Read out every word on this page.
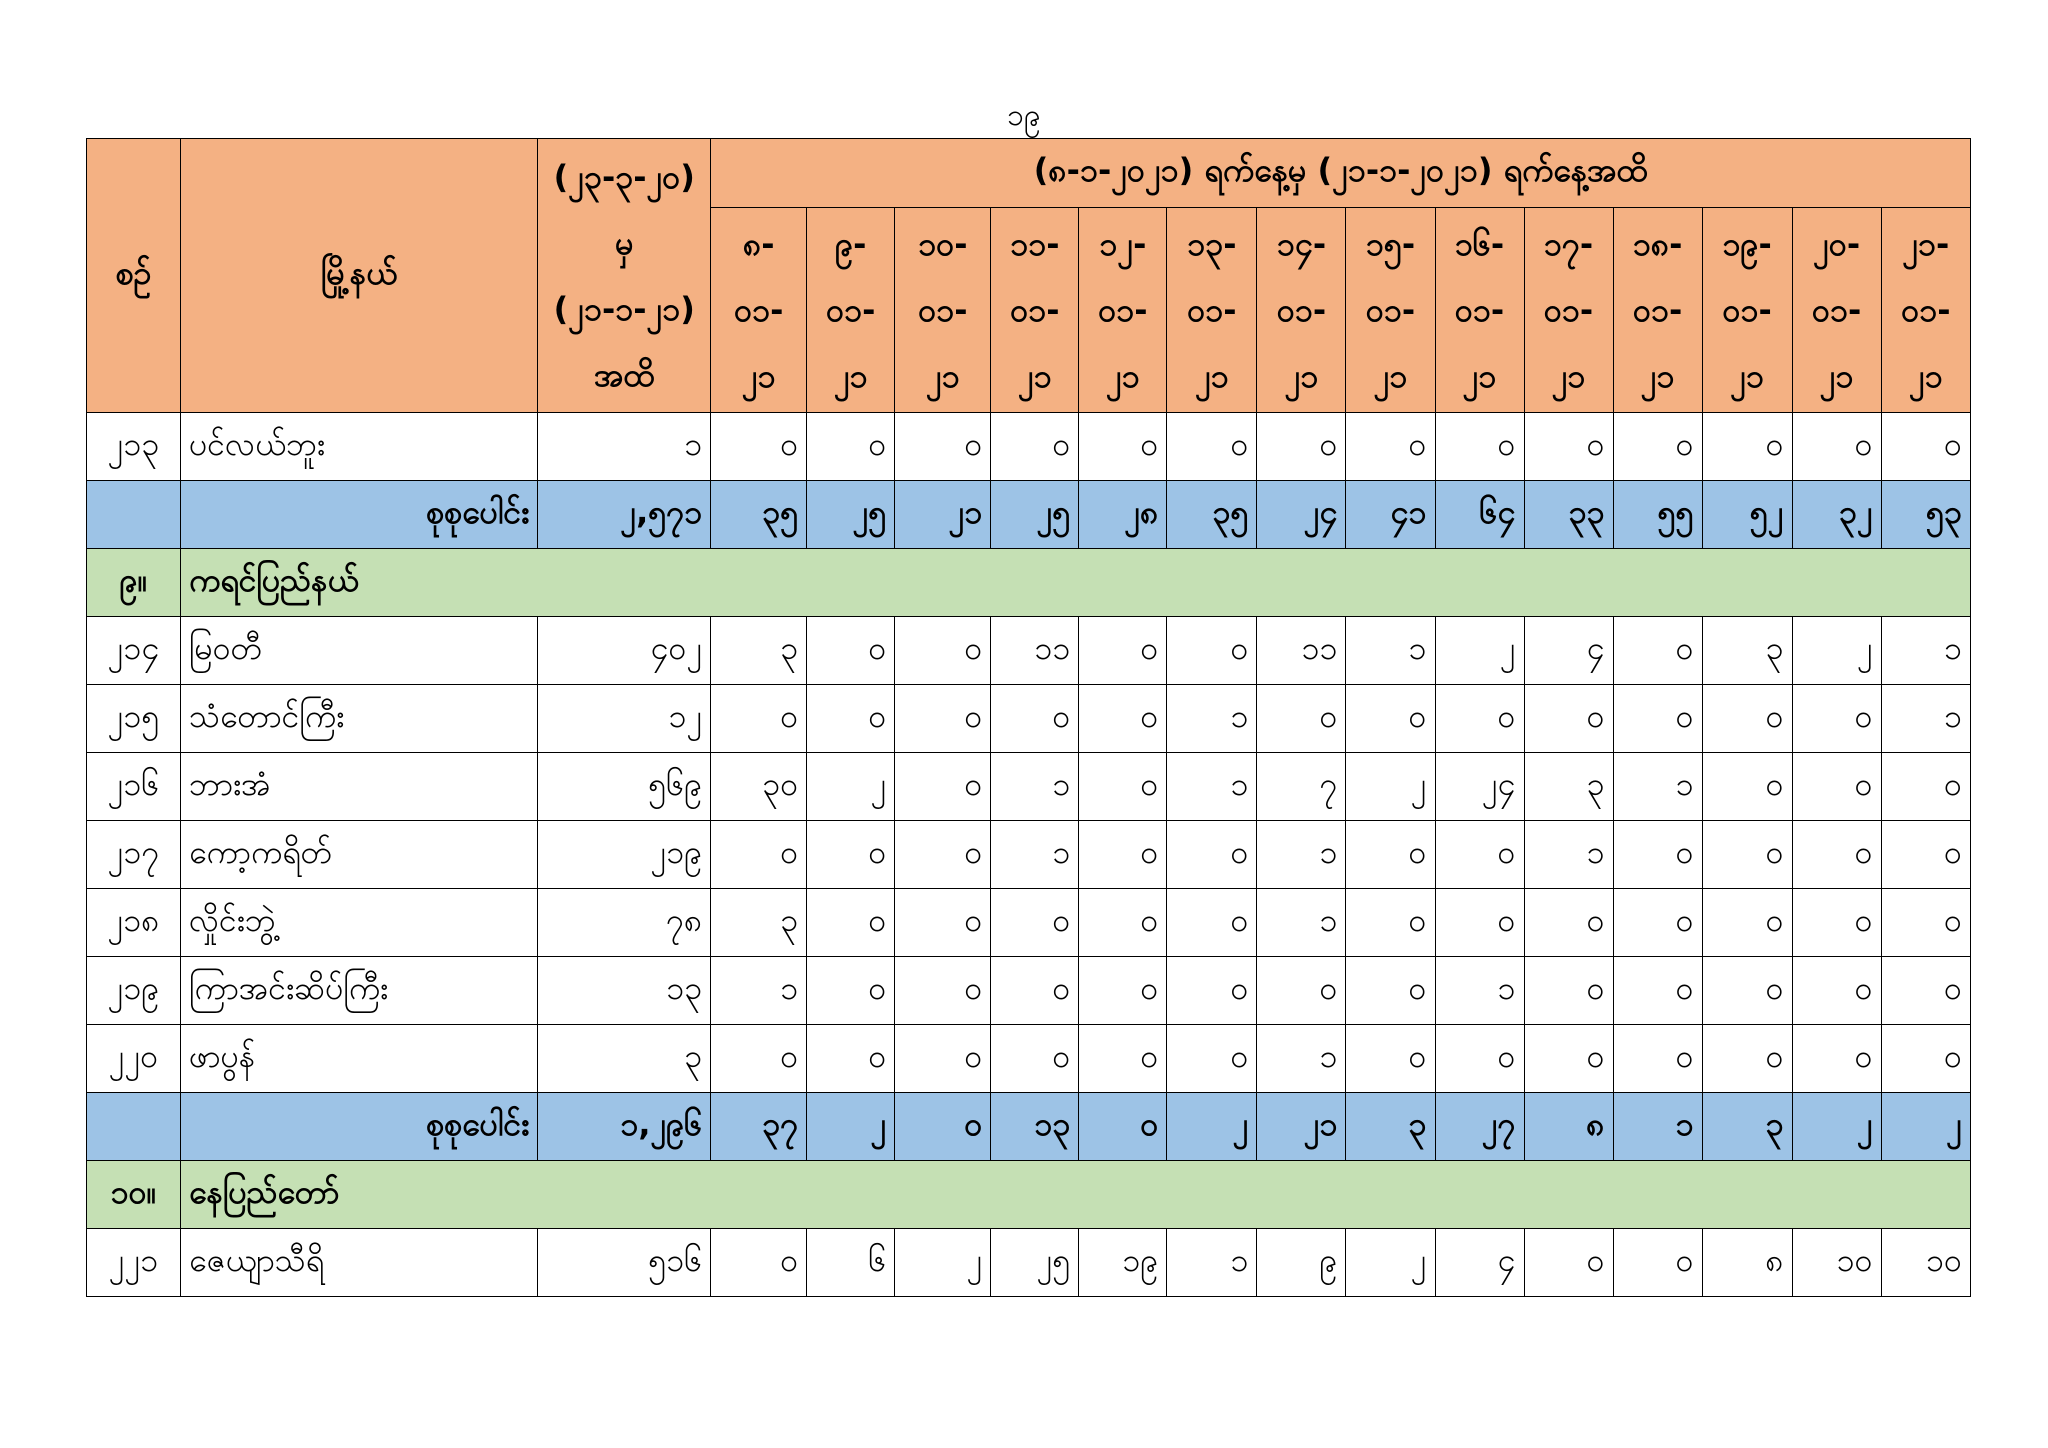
၁၉
စဉ်	မြို့နယ်	(၂၃-၃-၂၀)
မှ
(၂၁-၁-၂၁)
အထိ	(၈-၁-၂၀၂၁) ရက်နေ့မှ (၂၁-၁-၂၀၂၁) ရက်နေ့အထိ													

			၈-
၀၁-
၂၁	၉-
၀၁-
၂၁	၁၀-
၀၁-
၂၁	၁၁-
၀၁-
၂၁	၁၂-
၀၁-
၂၁	၁၃-
၀၁-
၂၁	၁၄-
၀၁-
၂၁	၁၅-
၀၁-
၂၁	၁၆-
၀၁-
၂၁	၁၇-
၀၁-
၂၁	၁၈-
၀၁-
၂၁	၁၉-
၀၁-
၂၁	၂၀-
၀၁-
၂၁	၂၁-
၀၁-
၂၁

၂၁၃	ပင်လယ်ဘူး	၁	၀	၀	၀	၀	၀	၀	၀	၀	၀	၀	၀	၀	၀	၀
	စုစုပေါင်း	၂,၅၇၁	၃၅	၂၅	၂၁	၂၅	၂၈	၃၅	၂၄	၄၁	၆၄	၃၃	၅၅	၅၂	၃၂	၅၃
၉။	ကရင်ပြည်နယ်															
၂၁၄	မြဝတီ	၄၀၂	၃	၀	၀	၁၁	၀	၀	၁၁	၁	၂	၄	၀	၃	၂	၁
၂၁၅	သံတောင်ကြီး	၁၂	၀	၀	၀	၀	၀	၁	၀	၀	၀	၀	၀	၀	၀	၁
၂၁၆	ဘားအံ	၅၆၉	၃၀	၂	၀	၁	၀	၁	၇	၂	၂၄	၃	၁	၀	၀	၀
၂၁၇	ကော့ကရိတ်	၂၁၉	၀	၀	၀	၁	၀	၀	၁	၀	၀	၁	၀	၀	၀	၀
၂၁၈	လှိုင်းဘွဲ့	၇၈	၃	၀	၀	၀	၀	၀	၁	၀	၀	၀	၀	၀	၀	၀
၂၁၉	ကြာအင်းဆိပ်ကြီး	၁၃	၁	၀	၀	၀	၀	၀	၀	၀	၁	၀	၀	၀	၀	၀
၂၂၀	ဖာပွန်	၃	၀	၀	၀	၀	၀	၀	၁	၀	၀	၀	၀	၀	၀	၀
	စုစုပေါင်း	၁,၂၉၆	၃၇	၂	၀	၁၃	၀	၂	၂၁	၃	၂၇	၈	၁	၃	၂	၂
၁၀။	နေပြည်တော်															
၂၂၁	ဇေယျာသီရိ	၅၁၆	၀	၆	၂	၂၅	၁၉	၁	၉	၂	၄	၀	၀	၈	၁၀	၁၀
